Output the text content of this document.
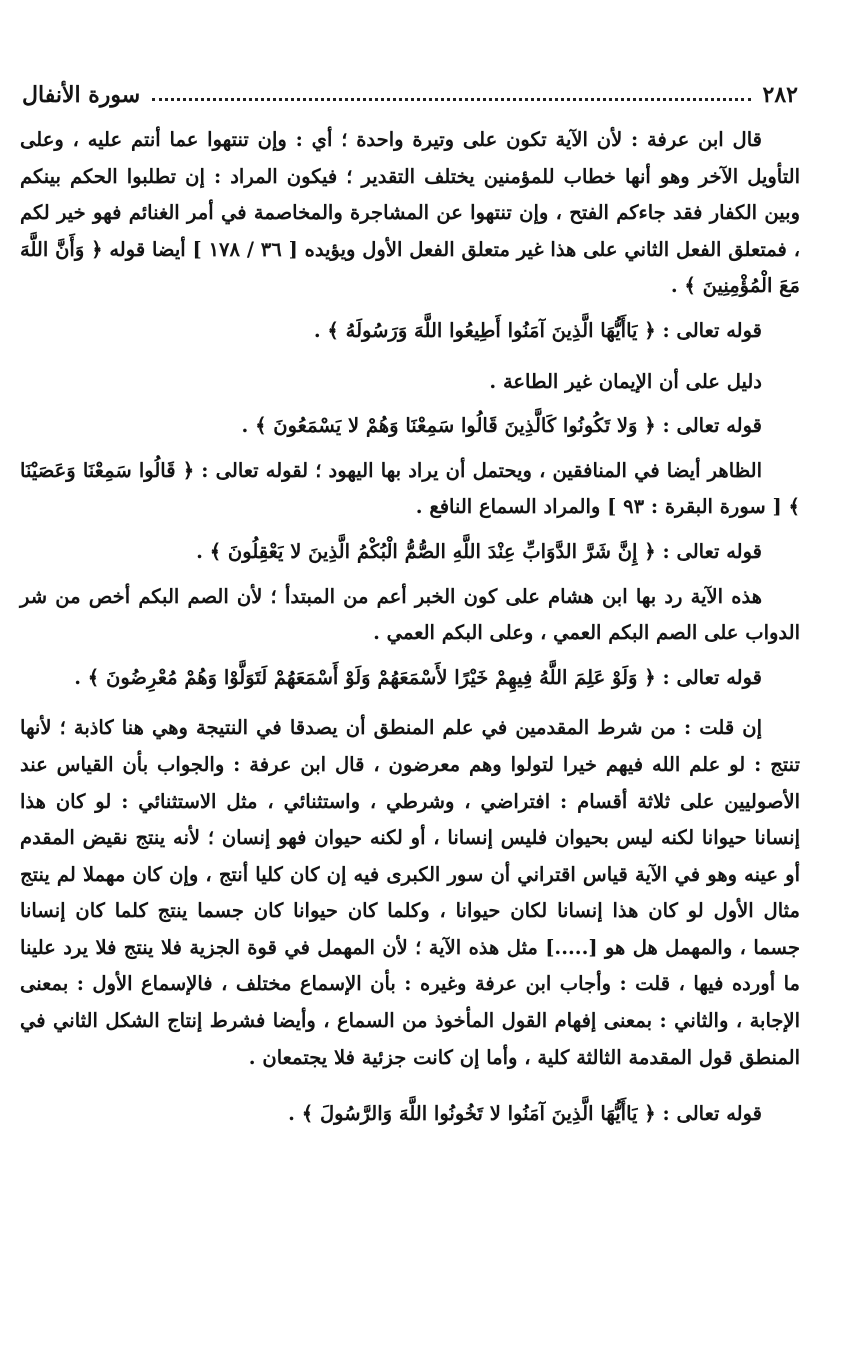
٢٨٢
سورة الأنفال

قال ابن عرفة : لأن الآية تكون على وتيرة واحدة ؛ أي : وإن تنتهوا عما أنتم عليه ، وعلى التأويل الآخر وهو أنها خطاب للمؤمنين يختلف التقدير ؛ فيكون المراد : إن تطلبوا الحكم بينكم وبين الكفار فقد جاءكم الفتح ، وإن تنتهوا عن المشاجرة والمخاصمة في أمر الغنائم فهو خير لكم ، فمتعلق الفعل الثاني على هذا غير متعلق الفعل الأول ويؤيده [ ٣٦ / ١٧٨ ] أيضا قوله ﴿ وَأَنَّ اللَّهَ مَعَ الْمُؤْمِنِينَ ﴾ .

قوله تعالى : ﴿ يَاأَيُّهَا الَّذِينَ آمَنُوا أَطِيعُوا اللَّهَ وَرَسُولَهُ ﴾ .

دليل على أن الإيمان غير الطاعة .

قوله تعالى : ﴿ وَلا تَكُونُوا كَالَّذِينَ قَالُوا سَمِعْنَا وَهُمْ لا يَسْمَعُونَ ﴾ .

الظاهر أيضا في المنافقين ، ويحتمل أن يراد بها اليهود ؛ لقوله تعالى : ﴿ قَالُوا سَمِعْنَا وَعَصَيْنَا ﴾ [ سورة البقرة : ٩٣ ] والمراد السماع النافع .

قوله تعالى : ﴿ إِنَّ شَرَّ الدَّوَابِّ عِنْدَ اللَّهِ الصُّمُّ الْبُكْمُ الَّذِينَ لا يَعْقِلُونَ ﴾ .

هذه الآية رد بها ابن هشام على كون الخبر أعم من المبتدأ ؛ لأن الصم البكم أخص من شر الدواب على الصم البكم العمي ، وعلى البكم العمي .

قوله تعالى : ﴿ وَلَوْ عَلِمَ اللَّهُ فِيهِمْ خَيْرًا لأَسْمَعَهُمْ وَلَوْ أَسْمَعَهُمْ لَتَوَلَّوْا وَهُمْ مُعْرِضُونَ ﴾ .

إن قلت : من شرط المقدمين في علم المنطق أن يصدقا في النتيجة وهي هنا كاذبة ؛ لأنها تنتج : لو علم الله فيهم خيرا لتولوا وهم معرضون ، قال ابن عرفة : والجواب بأن القياس عند الأصوليين على ثلاثة أقسام : افتراضي ، وشرطي ، واستثنائي ، مثل الاستثنائي : لو كان هذا إنسانا حيوانا لكنه ليس بحيوان فليس إنسانا ، أو لكنه حيوان فهو إنسان ؛ لأنه ينتج نقيض المقدم أو عينه وهو في الآية قياس اقتراني أن سور الكبرى فيه إن كان كليا أنتج ، وإن كان مهملا لم ينتج مثال الأول لو كان هذا إنسانا لكان حيوانا ، وكلما كان حيوانا كان جسما ينتج كلما كان إنسانا جسما ، والمهمل هل هو [.....] مثل هذه الآية ؛ لأن المهمل في قوة الجزية فلا ينتج فلا يرد علينا ما أورده فيها ، قلت : وأجاب ابن عرفة وغيره : بأن الإسماع مختلف ، فالإسماع الأول : بمعنى الإجابة ، والثاني : بمعنى إفهام القول المأخوذ من السماع ، وأيضا فشرط إنتاج الشكل الثاني في المنطق قول المقدمة الثالثة كلية ، وأما إن كانت جزئية فلا يجتمعان .

قوله تعالى : ﴿ يَاأَيُّهَا الَّذِينَ آمَنُوا لا تَخُونُوا اللَّهَ وَالرَّسُولَ ﴾ .
